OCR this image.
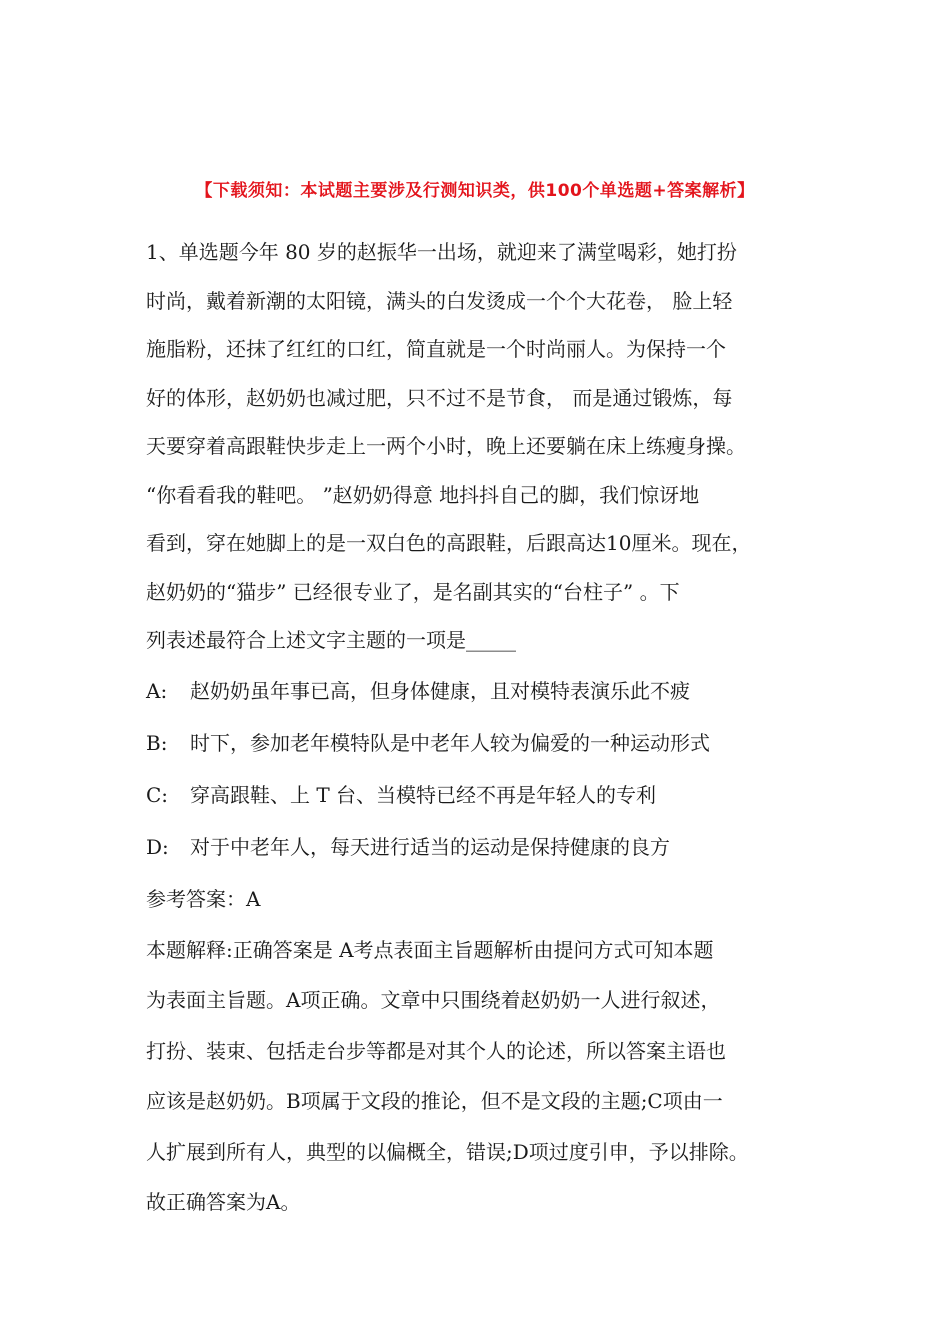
【下载须知：本试题主要涉及行测知识类，供100个单选题+答案解析】
1、单选题今年 80 岁的赵振华一出场，就迎来了满堂喝彩，她打扮
时尚，戴着新潮的太阳镜，满头的白发烫成一个个大花卷， 脸上轻
施脂粉，还抹了红红的口红，简直就是一个时尚丽人。为保持一个
好的体形，赵奶奶也减过肥，只不过不是节食， 而是通过锻炼，每
天要穿着高跟鞋快步走上一两个小时，晚上还要躺在床上练瘦身操。
“你看看我的鞋吧。 ”赵奶奶得意 地抖抖自己的脚，我们惊讶地
看到，穿在她脚上的是一双白色的高跟鞋，后跟高达10厘米。现在，
赵奶奶的“猫步” 已经很专业了，是名副其实的“台柱子” 。下
列表述最符合上述文字主题的一项是_____
A: 赵奶奶虽年事已高，但身体健康，且对模特表演乐此不疲
B: 时下，参加老年模特队是中老年人较为偏爱的一种运动形式
C: 穿高跟鞋、上 T 台、当模特已经不再是年轻人的专利
D: 对于中老年人，每天进行适当的运动是保持健康的良方
参考答案：A
本题解释:正确答案是 A考点表面主旨题解析由提问方式可知本题
为表面主旨题。A项正确。文章中只围绕着赵奶奶一人进行叙述，
打扮、装束、包括走台步等都是对其个人的论述，所以答案主语也
应该是赵奶奶。B项属于文段的推论，但不是文段的主题;C项由一
人扩展到所有人，典型的以偏概全，错误;D项过度引申，予以排除。
故正确答案为A。
